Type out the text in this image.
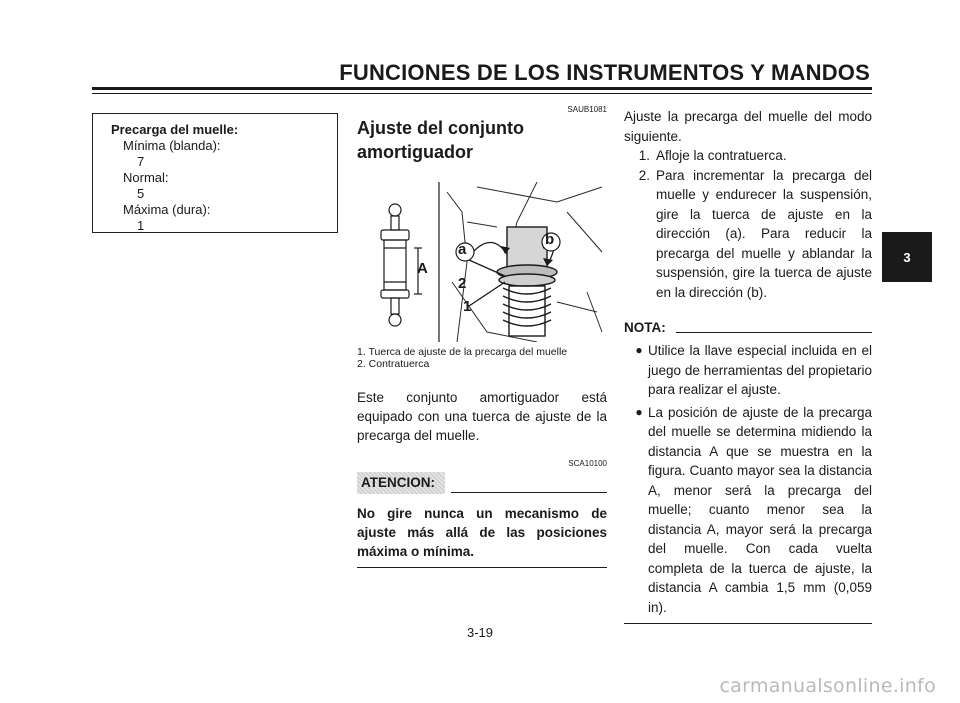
FUNCIONES DE LOS INSTRUMENTOS Y MANDOS
3
Precarga del muelle:
Mínima (blanda):
7
Normal:
5
Máxima (dura):
1
SAUB1081
Ajuste del conjunto
amortiguador
A
a
b
2
1
1. Tuerca de ajuste de la precarga del muelle
2. Contratuerca
Este conjunto amortiguador está equipado con una tuerca de ajuste de la precarga del muelle.
SCA10100
ATENCION:
No gire nunca un mecanismo de ajuste más allá de las posiciones máxima o mínima.
Ajuste la precarga del muelle del modo siguiente.
1. Afloje la contratuerca.
2. Para incrementar la precarga del muelle y endurecer la suspensión, gire la tuerca de ajuste en la dirección (a). Para reducir la precarga del muelle y ablandar la suspensión, gire la tuerca de ajuste en la dirección (b).
NOTA:
● Utilice la llave especial incluida en el juego de herramientas del propietario para realizar el ajuste.
● La posición de ajuste de la precarga del muelle se determina midiendo la distancia A que se muestra en la figura. Cuanto mayor sea la distancia A, menor será la precarga del muelle; cuanto menor sea la distancia A, mayor será la precarga del muelle. Con cada vuelta completa de la tuerca de ajuste, la distancia A cambia 1,5 mm (0,059 in).
3-19
carmanualsonline.info
